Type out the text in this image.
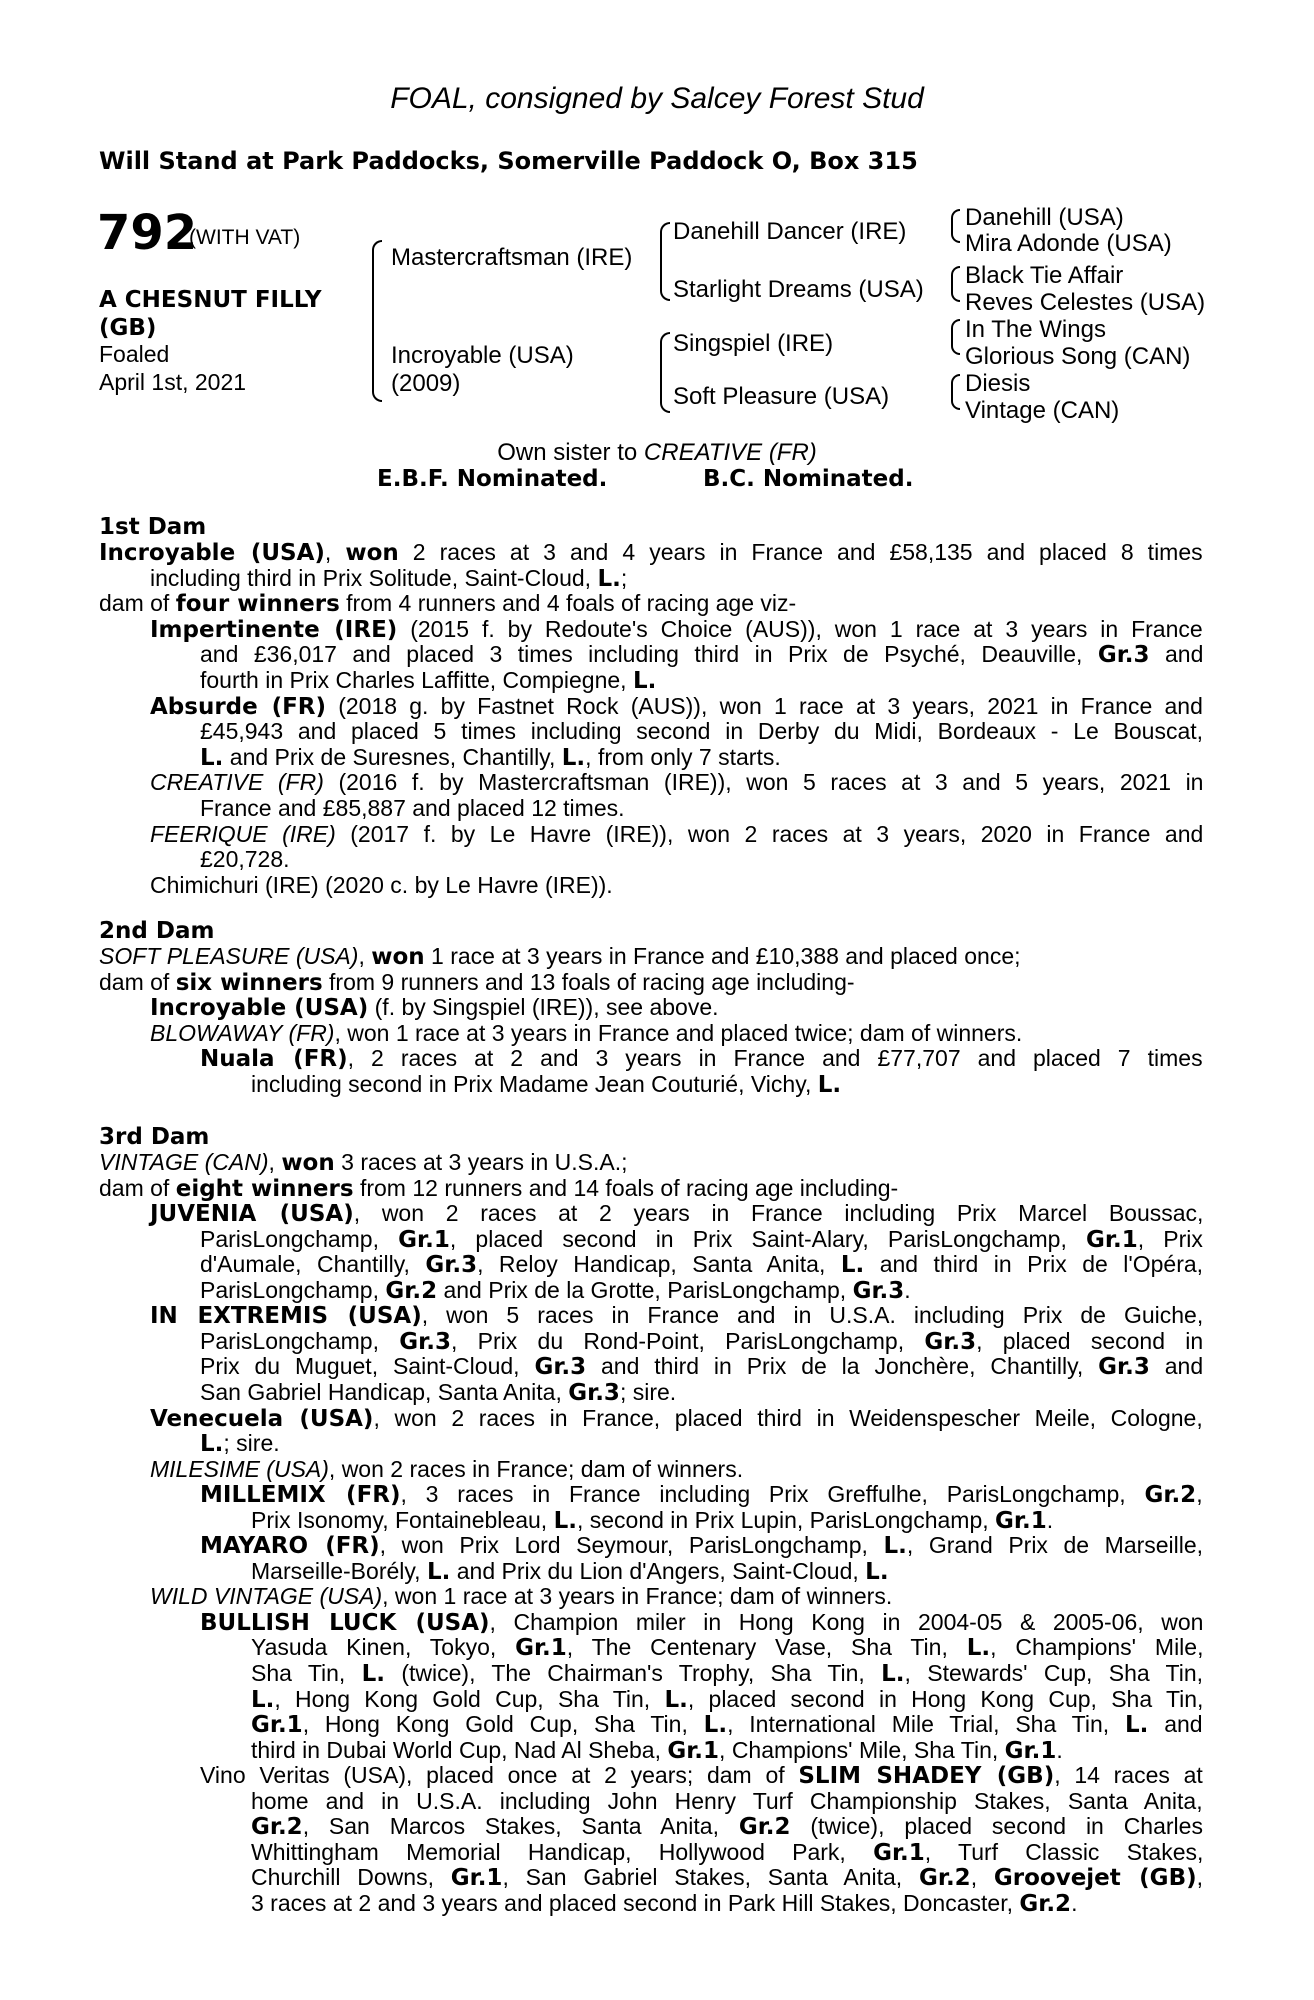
FOAL, consigned by Salcey Forest Stud
Will Stand at Park Paddocks, Somerville Paddock O, Box 315
792
(WITH VAT)
A CHESNUT FILLY
(GB)
Foaled
April 1st, 2021
Mastercraftsman (IRE)
Incroyable (USA)
(2009)
Danehill Dancer (IRE)
Starlight Dreams (USA)
Singspiel (IRE)
Soft Pleasure (USA)
Danehill (USA)
Mira Adonde (USA)
Black Tie Affair
Reves Celestes (USA)
In The Wings
Glorious Song (CAN)
Diesis
Vintage (CAN)
Own sister to CREATIVE (FR)
E.B.F. Nominated.	B.C. Nominated.
1st Dam
Incroyable (USA), won 2 races at 3 and 4 years in France and £58,135 and placed 8 times
including third in Prix Solitude, Saint-Cloud, L.;
dam of four winners from 4 runners and 4 foals of racing age viz-
Impertinente (IRE) (2015 f. by Redoute's Choice (AUS)), won 1 race at 3 years in France
and £36,017 and placed 3 times including third in Prix de Psyché, Deauville, Gr.3 and
fourth in Prix Charles Laffitte, Compiegne, L.
Absurde (FR) (2018 g. by Fastnet Rock (AUS)), won 1 race at 3 years, 2021 in France and
£45,943 and placed 5 times including second in Derby du Midi, Bordeaux - Le Bouscat,
L. and Prix de Suresnes, Chantilly, L., from only 7 starts.
CREATIVE (FR) (2016 f. by Mastercraftsman (IRE)), won 5 races at 3 and 5 years, 2021 in
France and £85,887 and placed 12 times.
FEERIQUE (IRE) (2017 f. by Le Havre (IRE)), won 2 races at 3 years, 2020 in France and
£20,728.
Chimichuri (IRE) (2020 c. by Le Havre (IRE)).
2nd Dam
SOFT PLEASURE (USA), won 1 race at 3 years in France and £10,388 and placed once;
dam of six winners from 9 runners and 13 foals of racing age including-
Incroyable (USA) (f. by Singspiel (IRE)), see above.
BLOWAWAY (FR), won 1 race at 3 years in France and placed twice; dam of winners.
Nuala (FR), 2 races at 2 and 3 years in France and £77,707 and placed 7 times
including second in Prix Madame Jean Couturié, Vichy, L.
3rd Dam
VINTAGE (CAN), won 3 races at 3 years in U.S.A.;
dam of eight winners from 12 runners and 14 foals of racing age including-
JUVENIA (USA), won 2 races at 2 years in France including Prix Marcel Boussac,
ParisLongchamp, Gr.1, placed second in Prix Saint-Alary, ParisLongchamp, Gr.1, Prix
d'Aumale, Chantilly, Gr.3, Reloy Handicap, Santa Anita, L. and third in Prix de l'Opéra,
ParisLongchamp, Gr.2 and Prix de la Grotte, ParisLongchamp, Gr.3.
IN EXTREMIS (USA), won 5 races in France and in U.S.A. including Prix de Guiche,
ParisLongchamp, Gr.3, Prix du Rond-Point, ParisLongchamp, Gr.3, placed second in
Prix du Muguet, Saint-Cloud, Gr.3 and third in Prix de la Jonchère, Chantilly, Gr.3 and
San Gabriel Handicap, Santa Anita, Gr.3; sire.
Venecuela (USA), won 2 races in France, placed third in Weidenspescher Meile, Cologne,
L.; sire.
MILESIME (USA), won 2 races in France; dam of winners.
MILLEMIX (FR), 3 races in France including Prix Greffulhe, ParisLongchamp, Gr.2,
Prix Isonomy, Fontainebleau, L., second in Prix Lupin, ParisLongchamp, Gr.1.
MAYARO (FR), won Prix Lord Seymour, ParisLongchamp, L., Grand Prix de Marseille,
Marseille-Borély, L. and Prix du Lion d'Angers, Saint-Cloud, L.
WILD VINTAGE (USA), won 1 race at 3 years in France; dam of winners.
BULLISH LUCK (USA), Champion miler in Hong Kong in 2004-05 & 2005-06, won
Yasuda Kinen, Tokyo, Gr.1, The Centenary Vase, Sha Tin, L., Champions' Mile,
Sha Tin, L. (twice), The Chairman's Trophy, Sha Tin, L., Stewards' Cup, Sha Tin,
L., Hong Kong Gold Cup, Sha Tin, L., placed second in Hong Kong Cup, Sha Tin,
Gr.1, Hong Kong Gold Cup, Sha Tin, L., International Mile Trial, Sha Tin, L. and
third in Dubai World Cup, Nad Al Sheba, Gr.1, Champions' Mile, Sha Tin, Gr.1.
Vino Veritas (USA), placed once at 2 years; dam of SLIM SHADEY (GB), 14 races at
home and in U.S.A. including John Henry Turf Championship Stakes, Santa Anita,
Gr.2, San Marcos Stakes, Santa Anita, Gr.2 (twice), placed second in Charles
Whittingham Memorial Handicap, Hollywood Park, Gr.1, Turf Classic Stakes,
Churchill Downs, Gr.1, San Gabriel Stakes, Santa Anita, Gr.2, Groovejet (GB),
3 races at 2 and 3 years and placed second in Park Hill Stakes, Doncaster, Gr.2.
